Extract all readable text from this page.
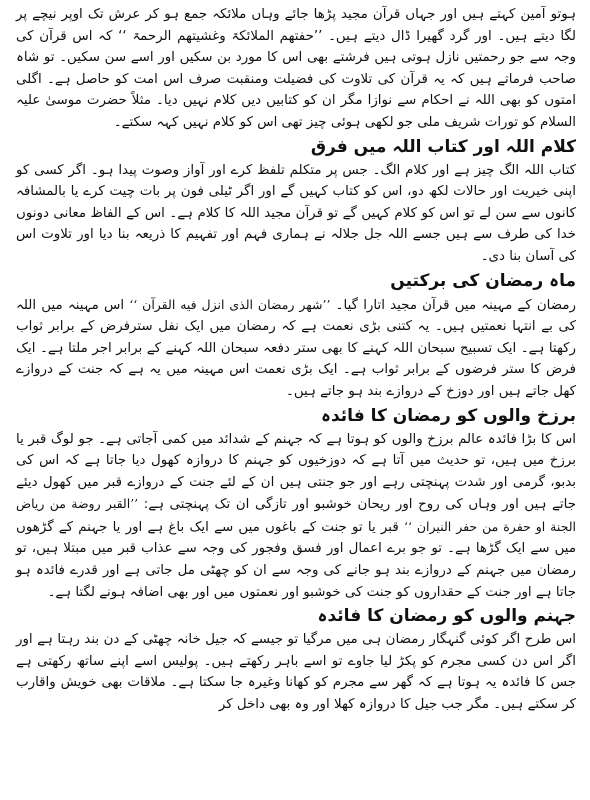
ہوتو آمین کہتے ہیں اور جہاں قرآن مجید پڑھا جائے وہاں ملائکہ جمع ہو کر عرش تک اوپر نیچے پر لگا دیتے ہیں۔ اور گرد گھیرا ڈال دیتے ہیں۔ ’’حفتھم الملائکۃ وغشیتھم الرحمۃ ‘‘ کہ اس قرآن کی وجہ سے جو رحمتیں نازل ہوتی ہیں فرشتے بھی اس کا مورد بن سکیں اور اسے سن سکیں۔ تو شاہ صاحب فرماتے ہیں کہ یہ قرآن کی تلاوت کی فضیلت ومنقبت صرف اس امت کو حاصل ہے۔ اگلی امتوں کو بھی اللہ نے احکام سے نوازا مگر ان کو کتابیں دیں کلام نہیں دیا۔ مثلاً حضرت موسیٰ علیہ السلام کو تورات شریف ملی جو لکھی ہوئی چیز تھی اس کو کلام نہیں کہہ سکتے۔

کلام اللہ اور کتاب اللہ میں فرق

کتاب اللہ الگ چیز ہے اور کلام الگ۔ جس پر متکلم تلفظ کرے اور آواز وصوت پیدا ہو۔ اگر کسی کو اپنی خیریت اور حالات لکھ دو، اس کو کتاب کہیں گے اور اگر ٹیلی فون پر بات چیت کرے یا بالمشافہ کانوں سے سن لے تو اس کو کلام کہیں گے تو قرآن مجید اللہ کا کلام ہے۔ اس کے الفاظ معانی دونوں خدا کی طرف سے ہیں جسے اللہ جل جلالہ نے ہماری فہم اور تفہیم کا ذریعہ بنا دیا اور تلاوت اس کی آسان بنا دی۔

ماہ رمضان کی برکتیں

رمضان کے مہینہ میں قرآن مجید اتارا گیا۔ ’’شهر رمضان الذى انزل فيه القرآن ‘‘ اس مہینہ میں اللہ کی بے انتہا نعمتیں ہیں۔ یہ کتنی بڑی نعمت ہے کہ رمضان میں ایک نفل سترفرض کے برابر ثواب رکھتا ہے۔ ایک تسبیح سبحان اللہ کہنے کا بھی ستر دفعہ سبحان اللہ کہنے کے برابر اجر ملتا ہے۔ ایک فرض کا ستر فرضوں کے برابر ثواب ہے۔ ایک بڑی نعمت اس مہینہ میں یہ ہے کہ جنت کے دروازے کھل جاتے ہیں اور دوزخ کے دروازے بند ہو جاتے ہیں۔

برزخ والوں کو رمضان کا فائدہ

اس کا بڑا فائدہ عالم برزخ والوں کو ہوتا ہے کہ جہنم کے شدائد میں کمی آجاتی ہے۔ جو لوگ قبر یا برزخ میں ہیں، تو حدیث میں آتا ہے کہ دوزخیوں کو جہنم کا دروازہ کھول دیا جاتا ہے کہ اس کی بدبو، گرمی اور شدت پہنچتی رہے اور جو جنتی ہیں ان کے لئے جنت کے دروازے قبر میں کھول دیئے جاتے ہیں اور وہاں کی روح اور ریحان خوشبو اور تازگی ان تک پہنچتی ہے: ’’القبر روضة من رياض الجنة او حفرة من حفر النيران ‘‘ قبر یا تو جنت کے باغوں میں سے ایک باغ ہے اور یا جہنم کے گڑھوں میں سے ایک گڑھا ہے۔ تو جو برے اعمال اور فسق وفجور کی وجہ سے عذاب قبر میں مبتلا ہیں، تو رمضان میں جہنم کے دروازے بند ہو جانے کی وجہ سے ان کو چھٹی مل جاتی ہے اور قدرے فائدہ ہو جاتا ہے اور جنت کے حقداروں کو جنت کی خوشبو اور نعمتوں میں اور بھی اضافہ ہونے لگتا ہے۔

جہنم والوں کو رمضان کا فائدہ

اس طرح اگر کوئی گنہگار رمضان ہی میں مرگیا تو جیسے کہ جیل خانہ چھٹی کے دن بند رہتا ہے اور اگر اس دن کسی مجرم کو پکڑ لیا جاوے تو اسے باہر رکھتے ہیں۔ پولیس اسے اپنے ساتھ رکھتی ہے جس کا فائدہ یہ ہوتا ہے کہ گھر سے مجرم کو کھانا وغیرہ جا سکتا ہے۔ ملاقات بھی خویش واقارب کر سکتے ہیں۔ مگر جب جیل کا دروازہ کھلا اور وہ بھی داخل کر
